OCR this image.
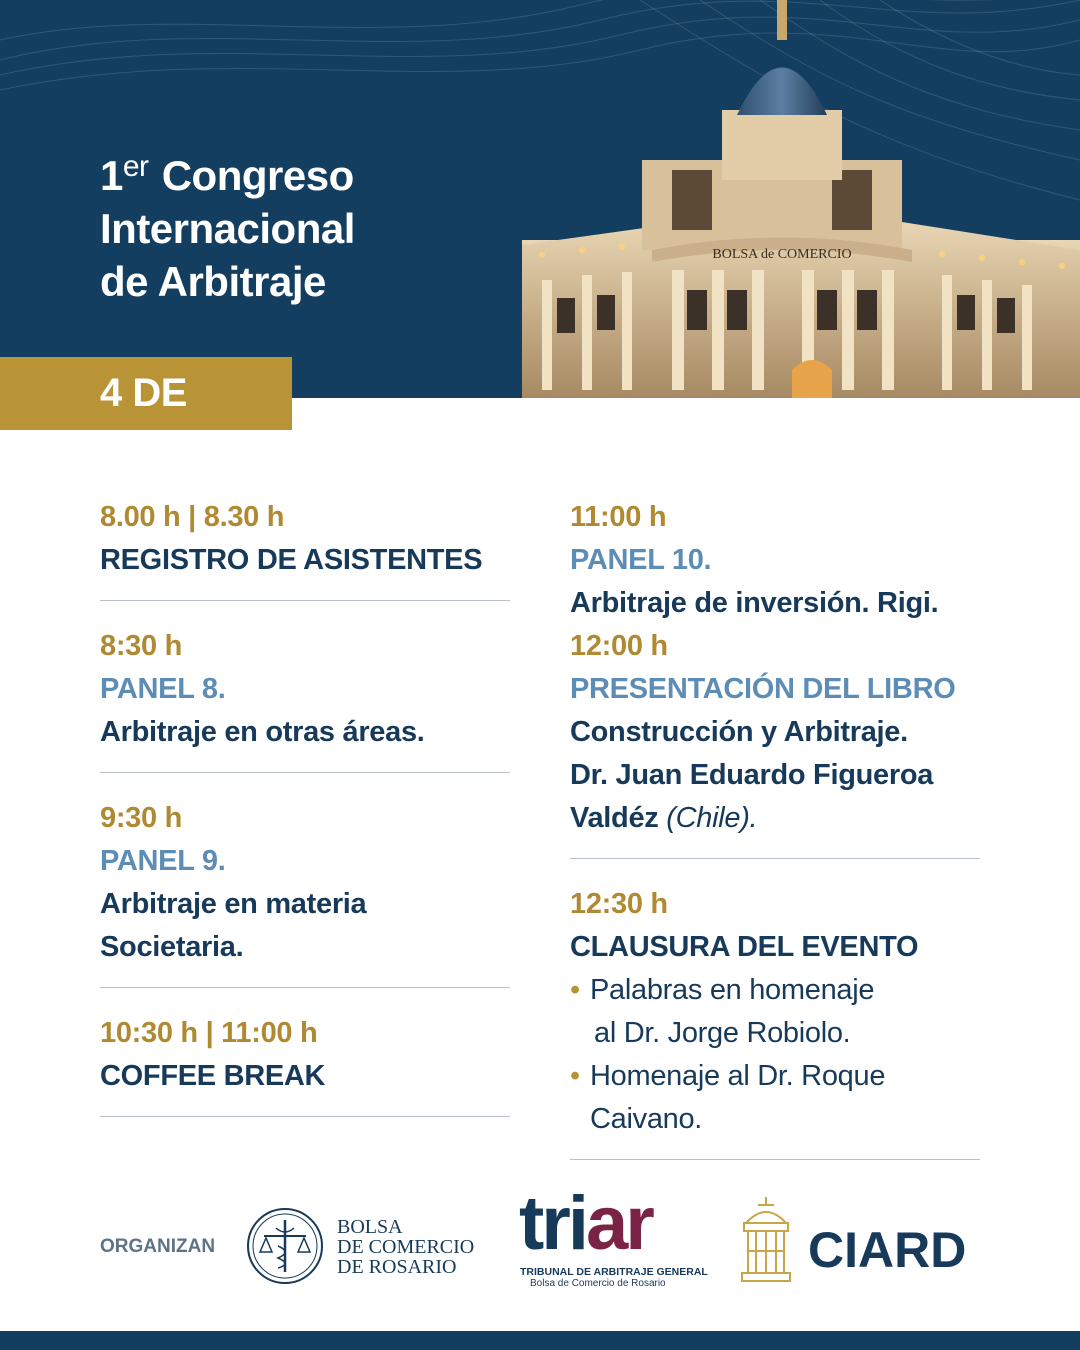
BOLSA de COMERCIO
1er Congreso
Internacional
de Arbitraje
4 DE JULIO
8.00 h | 8.30 h
REGISTRO DE ASISTENTES
8:30 h
PANEL 8.
Arbitraje en otras áreas.
9:30 h
PANEL 9.
Arbitraje en materia
Societaria.
10:30 h | 11:00 h
COFFEE BREAK
11:00 h
PANEL 10.
Arbitraje de inversión. Rigi.
12:00 h
PRESENTACIÓN DEL LIBRO
Construcción y Arbitraje.
Dr. Juan Eduardo Figueroa
Valdéz (Chile).
12:30 h
CLAUSURA DEL EVENTO
• Palabras en homenaje
al Dr. Jorge Robiolo.
• Homenaje al Dr. Roque Caivano.
ORGANIZAN
BOLSA
DE COMERCIO
DE ROSARIO
triar
TRIBUNAL DE ARBITRAJE GENERAL
Bolsa de Comercio de Rosario
CIARD
